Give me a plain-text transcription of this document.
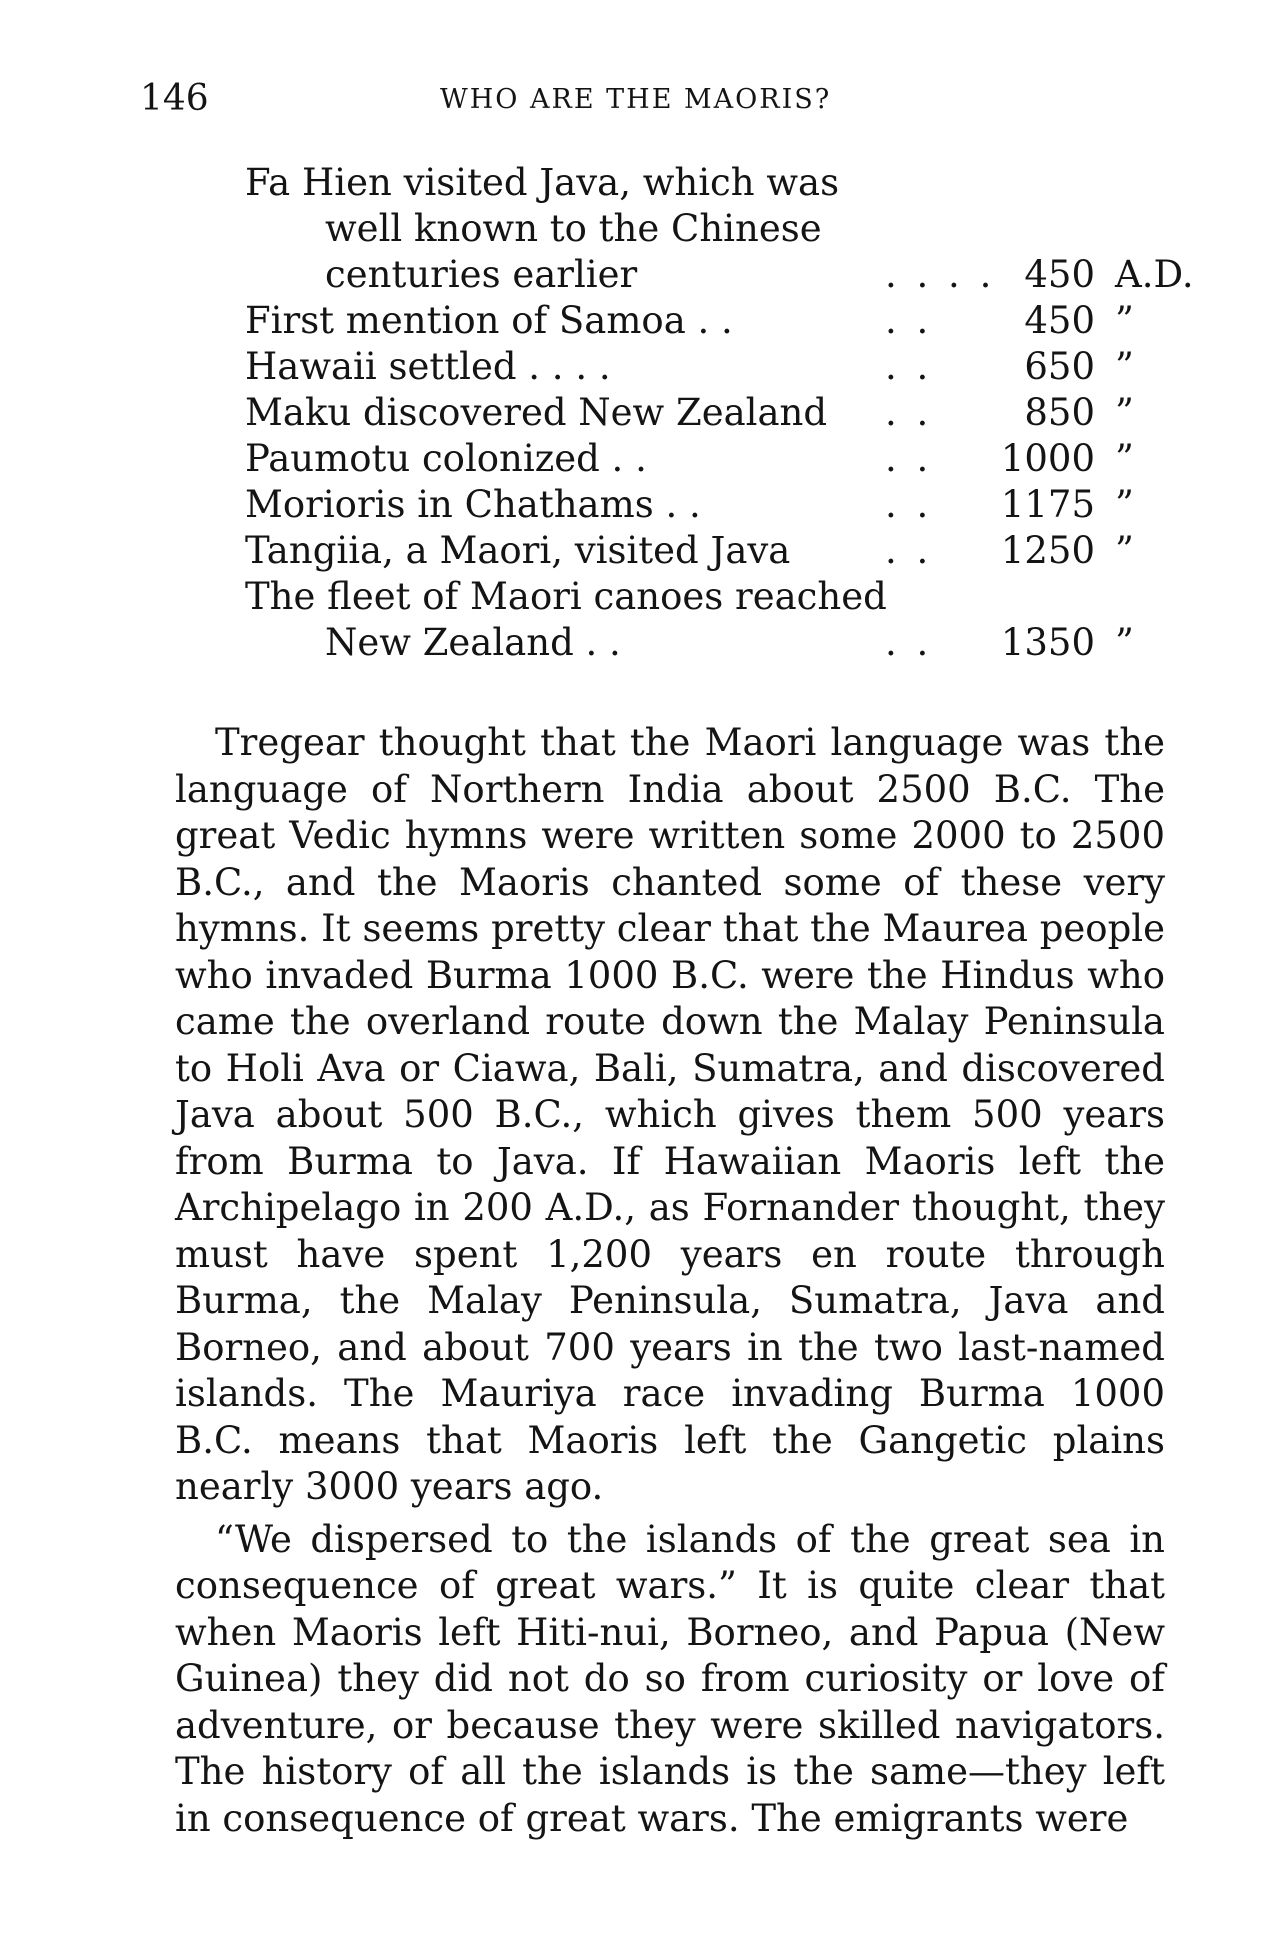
146	WHO ARE THE MAORIS?
Fa Hien visited Java, which was
well known to the Chinese
centuries earlier	. . . . 450 A.D.
First mention of Samoa . .	. .	450 ”
Hawaii settled . . . .	. .	650 ”
Maku discovered New Zealand . .	850 ”
Paumotu colonized . .	. .	1000 ”
Morioris in Chathams . .	. .	1175 ”
Tangiia, a Maori, visited Java	. .	1250 ”
The fleet of Maori canoes reached
New Zealand . .	. .	1350 ”

Tregear thought that the Maori language was the language of Northern India about 2500 B.C. The great Vedic hymns were written some 2000 to 2500 B.C., and the Maoris chanted some of these very hymns. It seems pretty clear that the Maurea people who invaded Burma 1000 B.C. were the Hindus who came the overland route down the Malay Peninsula to Holi Ava or Ciawa, Bali, Sumatra, and discovered Java about 500 B.C., which gives them 500 years from Burma to Java. If Hawaiian Maoris left the Archipelago in 200 A.D., as Fornander thought, they must have spent 1,200 years en route through Burma, the Malay Peninsula, Sumatra, Java and Borneo, and about 700 years in the two last-named islands. The Mauriya race invading Burma 1000 B.C. means that Maoris left the Gangetic plains nearly 3000 years ago.

“We dispersed to the islands of the great sea in consequence of great wars.” It is quite clear that when Maoris left Hiti-nui, Borneo, and Papua (New Guinea) they did not do so from curiosity or love of adventure, or because they were skilled navigators. The history of all the islands is the same—they left in consequence of great wars. The emigrants were
